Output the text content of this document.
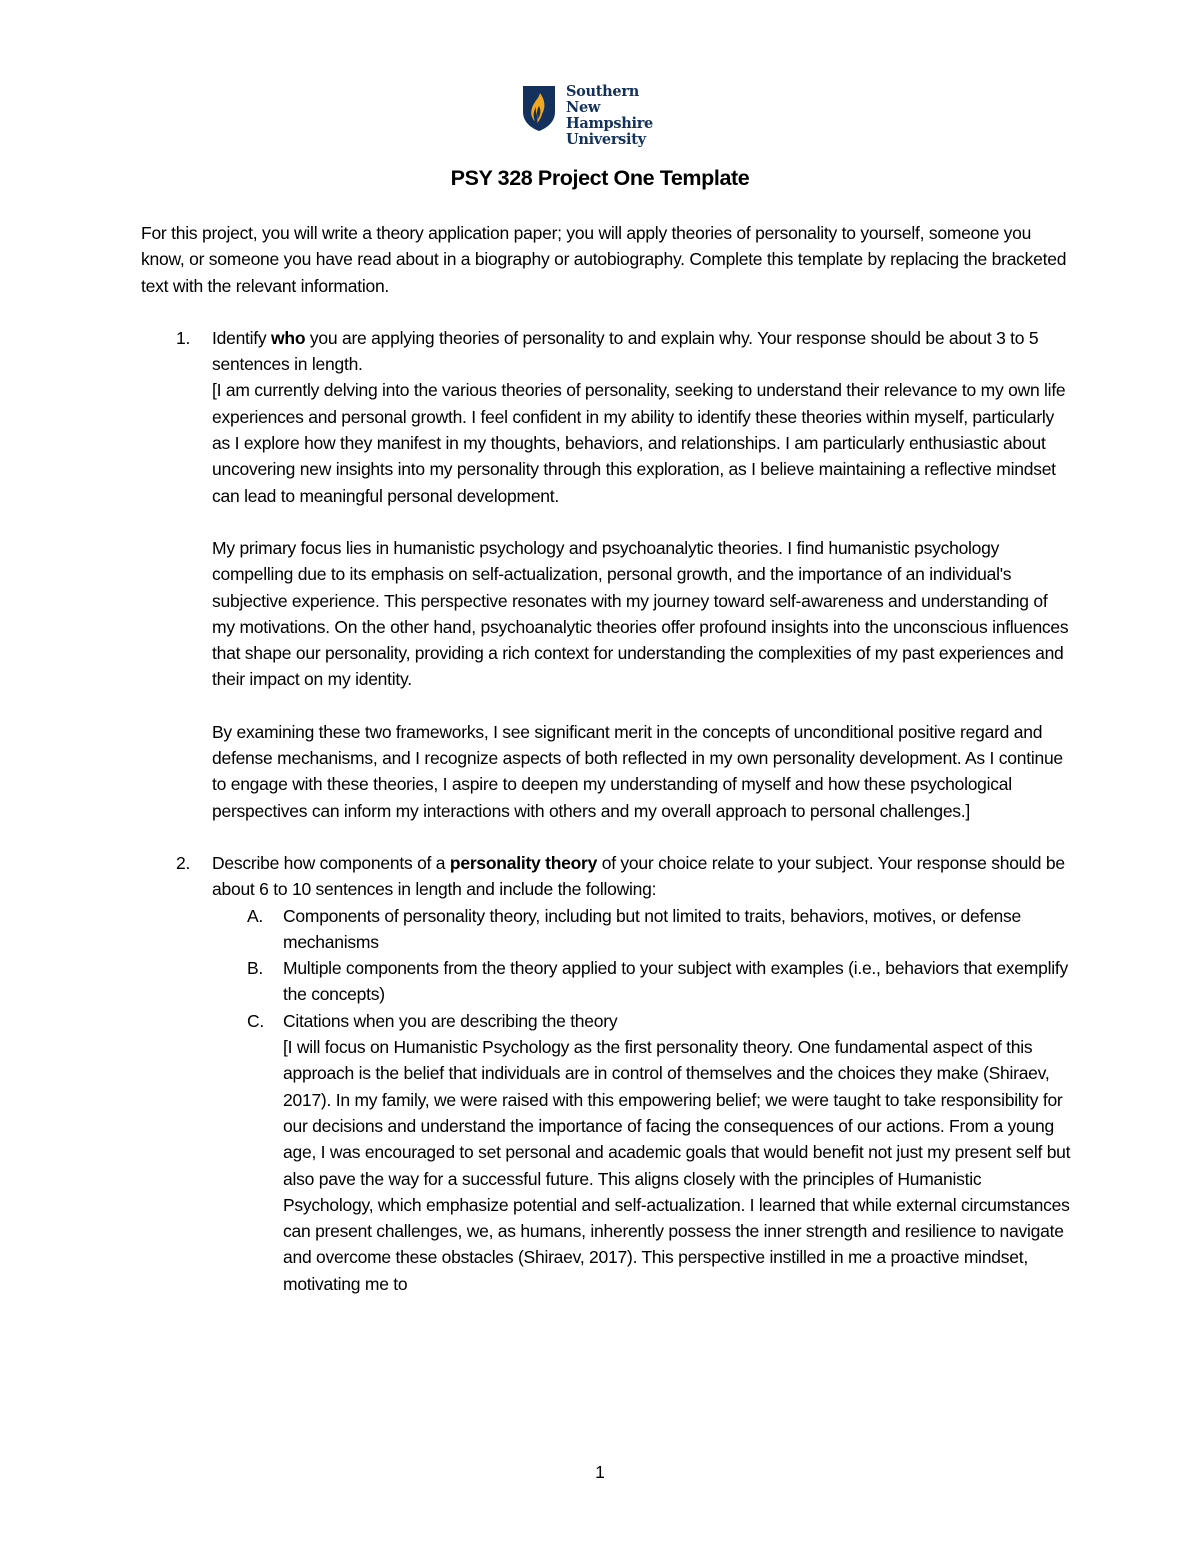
Southern
New Hampshire
University
PSY 328 Project One Template

For this project, you will write a theory application paper; you will apply theories of personality to yourself, someone you know, or someone you have read about in a biography or autobiography. Complete this template by replacing the bracketed text with the relevant information.

1. Identify who you are applying theories of personality to and explain why. Your response should be about 3 to 5 sentences in length.

[I am currently delving into the various theories of personality, seeking to understand their relevance to my own life experiences and personal growth. I feel confident in my ability to identify these theories within myself, particularly as I explore how they manifest in my thoughts, behaviors, and relationships. I am particularly enthusiastic about uncovering new insights into my personality through this exploration, as I believe maintaining a reflective mindset can lead to meaningful personal development.

My primary focus lies in humanistic psychology and psychoanalytic theories. I find humanistic psychology compelling due to its emphasis on self-actualization, personal growth, and the importance of an individual's subjective experience. This perspective resonates with my journey toward self-awareness and understanding of my motivations. On the other hand, psychoanalytic theories offer profound insights into the unconscious influences that shape our personality, providing a rich context for understanding the complexities of my past experiences and their impact on my identity.

By examining these two frameworks, I see significant merit in the concepts of unconditional positive regard and defense mechanisms, and I recognize aspects of both reflected in my own personality development. As I continue to engage with these theories, I aspire to deepen my understanding of myself and how these psychological perspectives can inform my interactions with others and my overall approach to personal challenges.]

2. Describe how components of a personality theory of your choice relate to your subject. Your response should be about 6 to 10 sentences in length and include the following:

A. Components of personality theory, including but not limited to traits, behaviors, motives, or defense mechanisms
B. Multiple components from the theory applied to your subject with examples (i.e., behaviors that exemplify the concepts)
C. Citations when you are describing the theory

[I will focus on Humanistic Psychology as the first personality theory. One fundamental aspect of this approach is the belief that individuals are in control of themselves and the choices they make (Shiraev, 2017). In my family, we were raised with this empowering belief; we were taught to take responsibility for our decisions and understand the importance of facing the consequences of our actions. From a young age, I was encouraged to set personal and academic goals that would benefit not just my present self but also pave the way for a successful future. This aligns closely with the principles of Humanistic Psychology, which emphasize potential and self-actualization. I learned that while external circumstances can present challenges, we, as humans, inherently possess the inner strength and resilience to navigate and overcome these obstacles (Shiraev, 2017). This perspective instilled in me a proactive mindset, motivating me to

1
